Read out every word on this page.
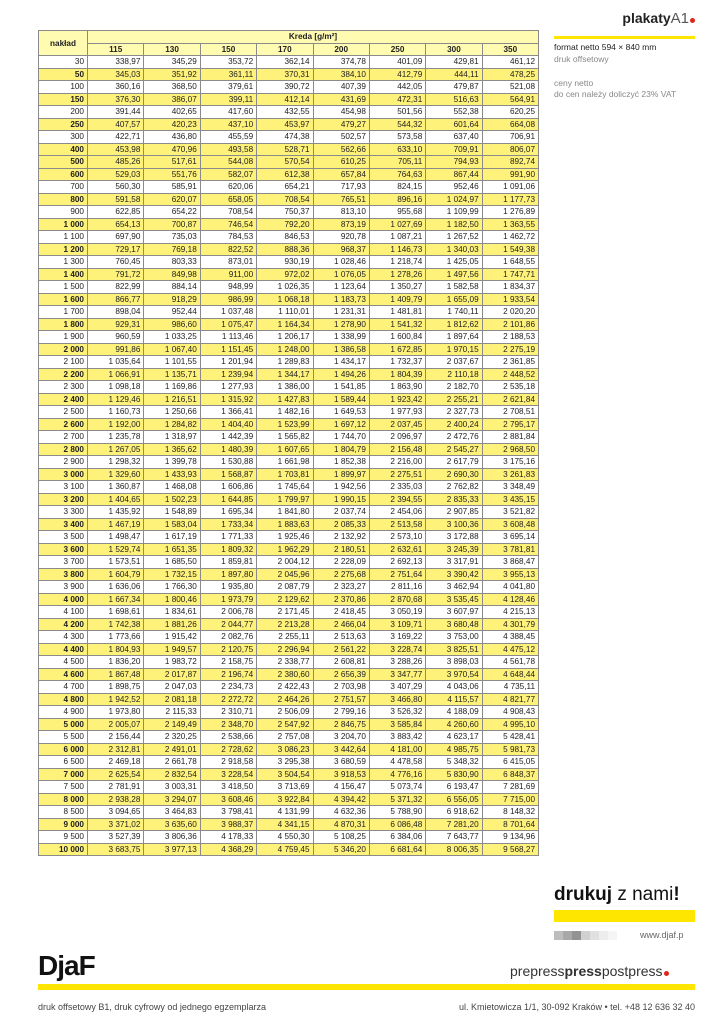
nakład	Kreda [g/m²]							
	115	130	150	170	200	250	300	350
30	338,97	345,29	353,72	362,14	374,78	401,09	429,81	461,12
50	345,03	351,92	361,11	370,31	384,10	412,79	444,11	478,25
100	360,16	368,50	379,61	390,72	407,39	442,05	479,87	521,08
150	376,30	386,07	399,11	412,14	431,69	472,31	516,63	564,91
200	391,44	402,65	417,60	432,55	454,98	501,56	552,38	620,25
250	407,57	420,23	437,10	453,97	479,27	544,32	601,64	664,08
300	422,71	436,80	455,59	474,38	502,57	573,58	637,40	706,91
400	453,98	470,96	493,58	528,71	562,66	633,10	709,91	806,07
500	485,26	517,61	544,08	570,54	610,25	705,11	794,93	892,74
600	529,03	551,76	582,07	612,38	657,84	764,63	867,44	991,90
700	560,30	585,91	620,06	654,21	717,93	824,15	952,46	1 091,06
800	591,58	620,07	658,05	708,54	765,51	896,16	1 024,97	1 177,73
900	622,85	654,22	708,54	750,37	813,10	955,68	1 109,99	1 276,89
1 000	654,13	700,87	746,54	792,20	873,19	1 027,69	1 182,50	1 363,55
1 100	697,90	735,03	784,53	846,53	920,78	1 087,21	1 267,52	1 462,72
1 200	729,17	769,18	822,52	888,36	968,37	1 146,73	1 340,03	1 549,38
1 300	760,45	803,33	873,01	930,19	1 028,46	1 218,74	1 425,05	1 648,55
1 400	791,72	849,98	911,00	972,02	1 076,05	1 278,26	1 497,56	1 747,71
1 500	822,99	884,14	948,99	1 026,35	1 123,64	1 350,27	1 582,58	1 834,37
1 600	866,77	918,29	986,99	1 068,18	1 183,73	1 409,79	1 655,09	1 933,54
1 700	898,04	952,44	1 037,48	1 110,01	1 231,31	1 481,81	1 740,11	2 020,20
1 800	929,31	986,60	1 075,47	1 164,34	1 278,90	1 541,32	1 812,62	2 101,86
1 900	960,59	1 033,25	1 113,46	1 206,17	1 338,99	1 600,84	1 897,64	2 188,53
2 000	991,86	1 067,40	1 151,45	1 248,00	1 386,58	1 672,85	1 970,15	2 275,19
2 100	1 035,64	1 101,55	1 201,94	1 289,83	1 434,17	1 732,37	2 037,67	2 361,85
2 200	1 066,91	1 135,71	1 239,94	1 344,17	1 494,26	1 804,39	2 110,18	2 448,52
2 300	1 098,18	1 169,86	1 277,93	1 386,00	1 541,85	1 863,90	2 182,70	2 535,18
2 400	1 129,46	1 216,51	1 315,92	1 427,83	1 589,44	1 923,42	2 255,21	2 621,84
2 500	1 160,73	1 250,66	1 366,41	1 482,16	1 649,53	1 977,93	2 327,73	2 708,51
2 600	1 192,00	1 284,82	1 404,40	1 523,99	1 697,12	2 037,45	2 400,24	2 795,17
2 700	1 235,78	1 318,97	1 442,39	1 565,82	1 744,70	2 096,97	2 472,76	2 881,84
2 800	1 267,05	1 365,62	1 480,39	1 607,65	1 804,79	2 156,48	2 545,27	2 968,50
2 900	1 298,32	1 399,78	1 530,88	1 661,98	1 852,38	2 216,00	2 617,79	3 175,16
3 000	1 329,60	1 433,93	1 568,87	1 703,81	1 899,97	2 275,51	2 690,30	3 261,83
3 100	1 360,87	1 468,08	1 606,86	1 745,64	1 942,56	2 335,03	2 762,82	3 348,49
3 200	1 404,65	1 502,23	1 644,85	1 799,97	1 990,15	2 394,55	2 835,33	3 435,15
3 300	1 435,92	1 548,89	1 695,34	1 841,80	2 037,74	2 454,06	2 907,85	3 521,82
3 400	1 467,19	1 583,04	1 733,34	1 883,63	2 085,33	2 513,58	3 100,36	3 608,48
3 500	1 498,47	1 617,19	1 771,33	1 925,46	2 132,92	2 573,10	3 172,88	3 695,14
3 600	1 529,74	1 651,35	1 809,32	1 962,29	2 180,51	2 632,61	3 245,39	3 781,81
3 700	1 573,51	1 685,50	1 859,81	2 004,12	2 228,09	2 692,13	3 317,91	3 868,47
3 800	1 604,79	1 732,15	1 897,80	2 045,96	2 275,68	2 751,64	3 390,42	3 955,13
3 900	1 636,06	1 766,30	1 935,80	2 087,79	2 323,27	2 811,16	3 462,94	4 041,80
4 000	1 667,34	1 800,46	1 973,79	2 129,62	2 370,86	2 870,68	3 535,45	4 128,46
4 100	1 698,61	1 834,61	2 006,78	2 171,45	2 418,45	3 050,19	3 607,97	4 215,13
4 200	1 742,38	1 881,26	2 044,77	2 213,28	2 466,04	3 109,71	3 680,48	4 301,79
4 300	1 773,66	1 915,42	2 082,76	2 255,11	2 513,63	3 169,22	3 753,00	4 388,45
4 400	1 804,93	1 949,57	2 120,75	2 296,94	2 561,22	3 228,74	3 825,51	4 475,12
4 500	1 836,20	1 983,72	2 158,75	2 338,77	2 608,81	3 288,26	3 898,03	4 561,78
4 600	1 867,48	2 017,87	2 196,74	2 380,60	2 656,39	3 347,77	3 970,54	4 648,44
4 700	1 898,75	2 047,03	2 234,73	2 422,43	2 703,98	3 407,29	4 043,06	4 735,11
4 800	1 942,52	2 081,18	2 272,72	2 464,26	2 751,57	3 466,80	4 115,57	4 821,77
4 900	1 973,80	2 115,33	2 310,71	2 506,09	2 799,16	3 526,32	4 188,09	4 908,43
5 000	2 005,07	2 149,49	2 348,70	2 547,92	2 846,75	3 585,84	4 260,60	4 995,10
5 500	2 156,44	2 320,25	2 538,66	2 757,08	3 204,70	3 883,42	4 623,17	5 428,41
6 000	2 312,81	2 491,01	2 728,62	3 086,23	3 442,64	4 181,00	4 985,75	5 981,73
6 500	2 469,18	2 661,78	2 918,58	3 295,38	3 680,59	4 478,58	5 348,32	6 415,05
7 000	2 625,54	2 832,54	3 228,54	3 504,54	3 918,53	4 776,16	5 830,90	6 848,37
7 500	2 781,91	3 003,31	3 418,50	3 713,69	4 156,47	5 073,74	6 193,47	7 281,69
8 000	2 938,28	3 294,07	3 608,46	3 922,84	4 394,42	5 371,32	6 556,05	7 715,00
8 500	3 094,65	3 464,83	3 798,41	4 131,99	4 632,36	5 788,90	6 918,62	8 148,32
9 000	3 371,02	3 635,60	3 988,37	4 341,15	4 870,31	6 086,48	7 281,20	8 701,64
9 500	3 527,39	3 806,36	4 178,33	4 550,30	5 108,25	6 384,06	7 643,77	9 134,96
10 000	3 683,75	3 977,13	4 368,29	4 759,45	5 346,20	6 681,64	8 006,35	9 568,27
plakatyA1
format netto 594 × 840 mm
druk offsetowy
ceny netto
do cen należy doliczyć 23% VAT
drukuj z nami!
www.djaf.p
DjaF	prepresspresspostpress
druk offsetowy B1, druk cyfrowy od jednego egzemplarza	ul. Kmietowicza 1/1, 30-092 Kraków • tel. +48 12 636 32 40
